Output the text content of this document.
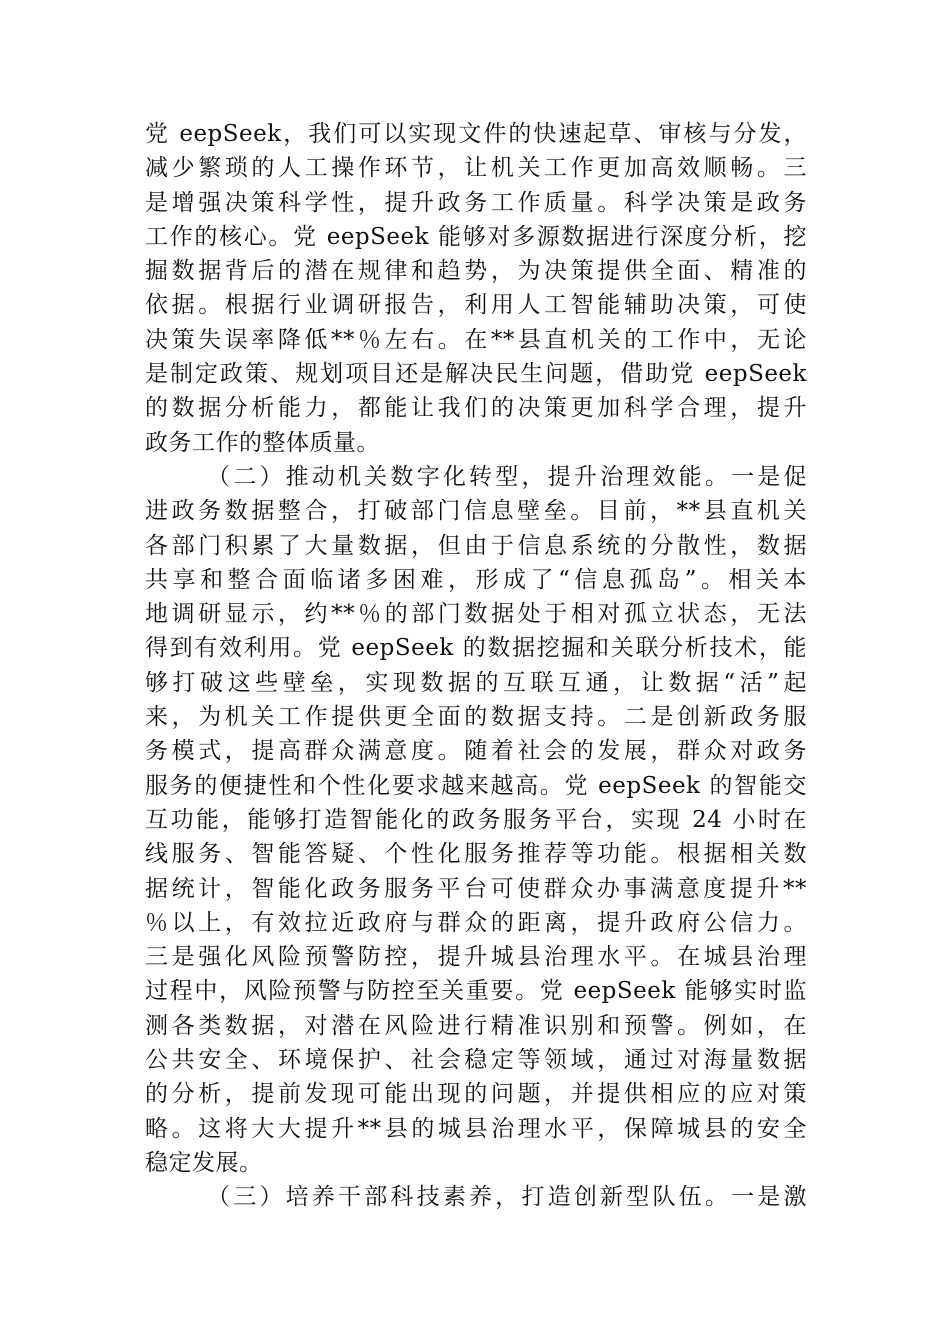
党 eepSeek，我们可以实现文件的快速起草、审核与分发，
减少繁琐的人工操作环节，让机关工作更加高效顺畅。三
是增强决策科学性，提升政务工作质量。科学决策是政务
工作的核心。党 eepSeek 能够对多源数据进行深度分析，挖
掘数据背后的潜在规律和趋势，为决策提供全面、精准的
依据。根据行业调研报告，利用人工智能辅助决策，可使
决策失误率降低**％左右。在**县直机关的工作中，无论
是制定政策、规划项目还是解决民生问题，借助党 eepSeek
的数据分析能力，都能让我们的决策更加科学合理，提升
政务工作的整体质量。
（二）推动机关数字化转型，提升治理效能。一是促
进政务数据整合，打破部门信息壁垒。目前，**县直机关
各部门积累了大量数据，但由于信息系统的分散性，数据
共享和整合面临诸多困难，形成了“信息孤岛”。相关本
地调研显示，约**％的部门数据处于相对孤立状态，无法
得到有效利用。党 eepSeek 的数据挖掘和关联分析技术，能
够打破这些壁垒，实现数据的互联互通，让数据“活”起
来，为机关工作提供更全面的数据支持。二是创新政务服
务模式，提高群众满意度。随着社会的发展，群众对政务
服务的便捷性和个性化要求越来越高。党 eepSeek 的智能交
互功能，能够打造智能化的政务服务平台，实现 24 小时在
线服务、智能答疑、个性化服务推荐等功能。根据相关数
据统计，智能化政务服务平台可使群众办事满意度提升**
％以上，有效拉近政府与群众的距离，提升政府公信力。
三是强化风险预警防控，提升城县治理水平。在城县治理
过程中，风险预警与防控至关重要。党 eepSeek 能够实时监
测各类数据，对潜在风险进行精准识别和预警。例如，在
公共安全、环境保护、社会稳定等领域，通过对海量数据
的分析，提前发现可能出现的问题，并提供相应的应对策
略。这将大大提升**县的城县治理水平，保障城县的安全
稳定发展。
（三）培养干部科技素养，打造创新型队伍。一是激
